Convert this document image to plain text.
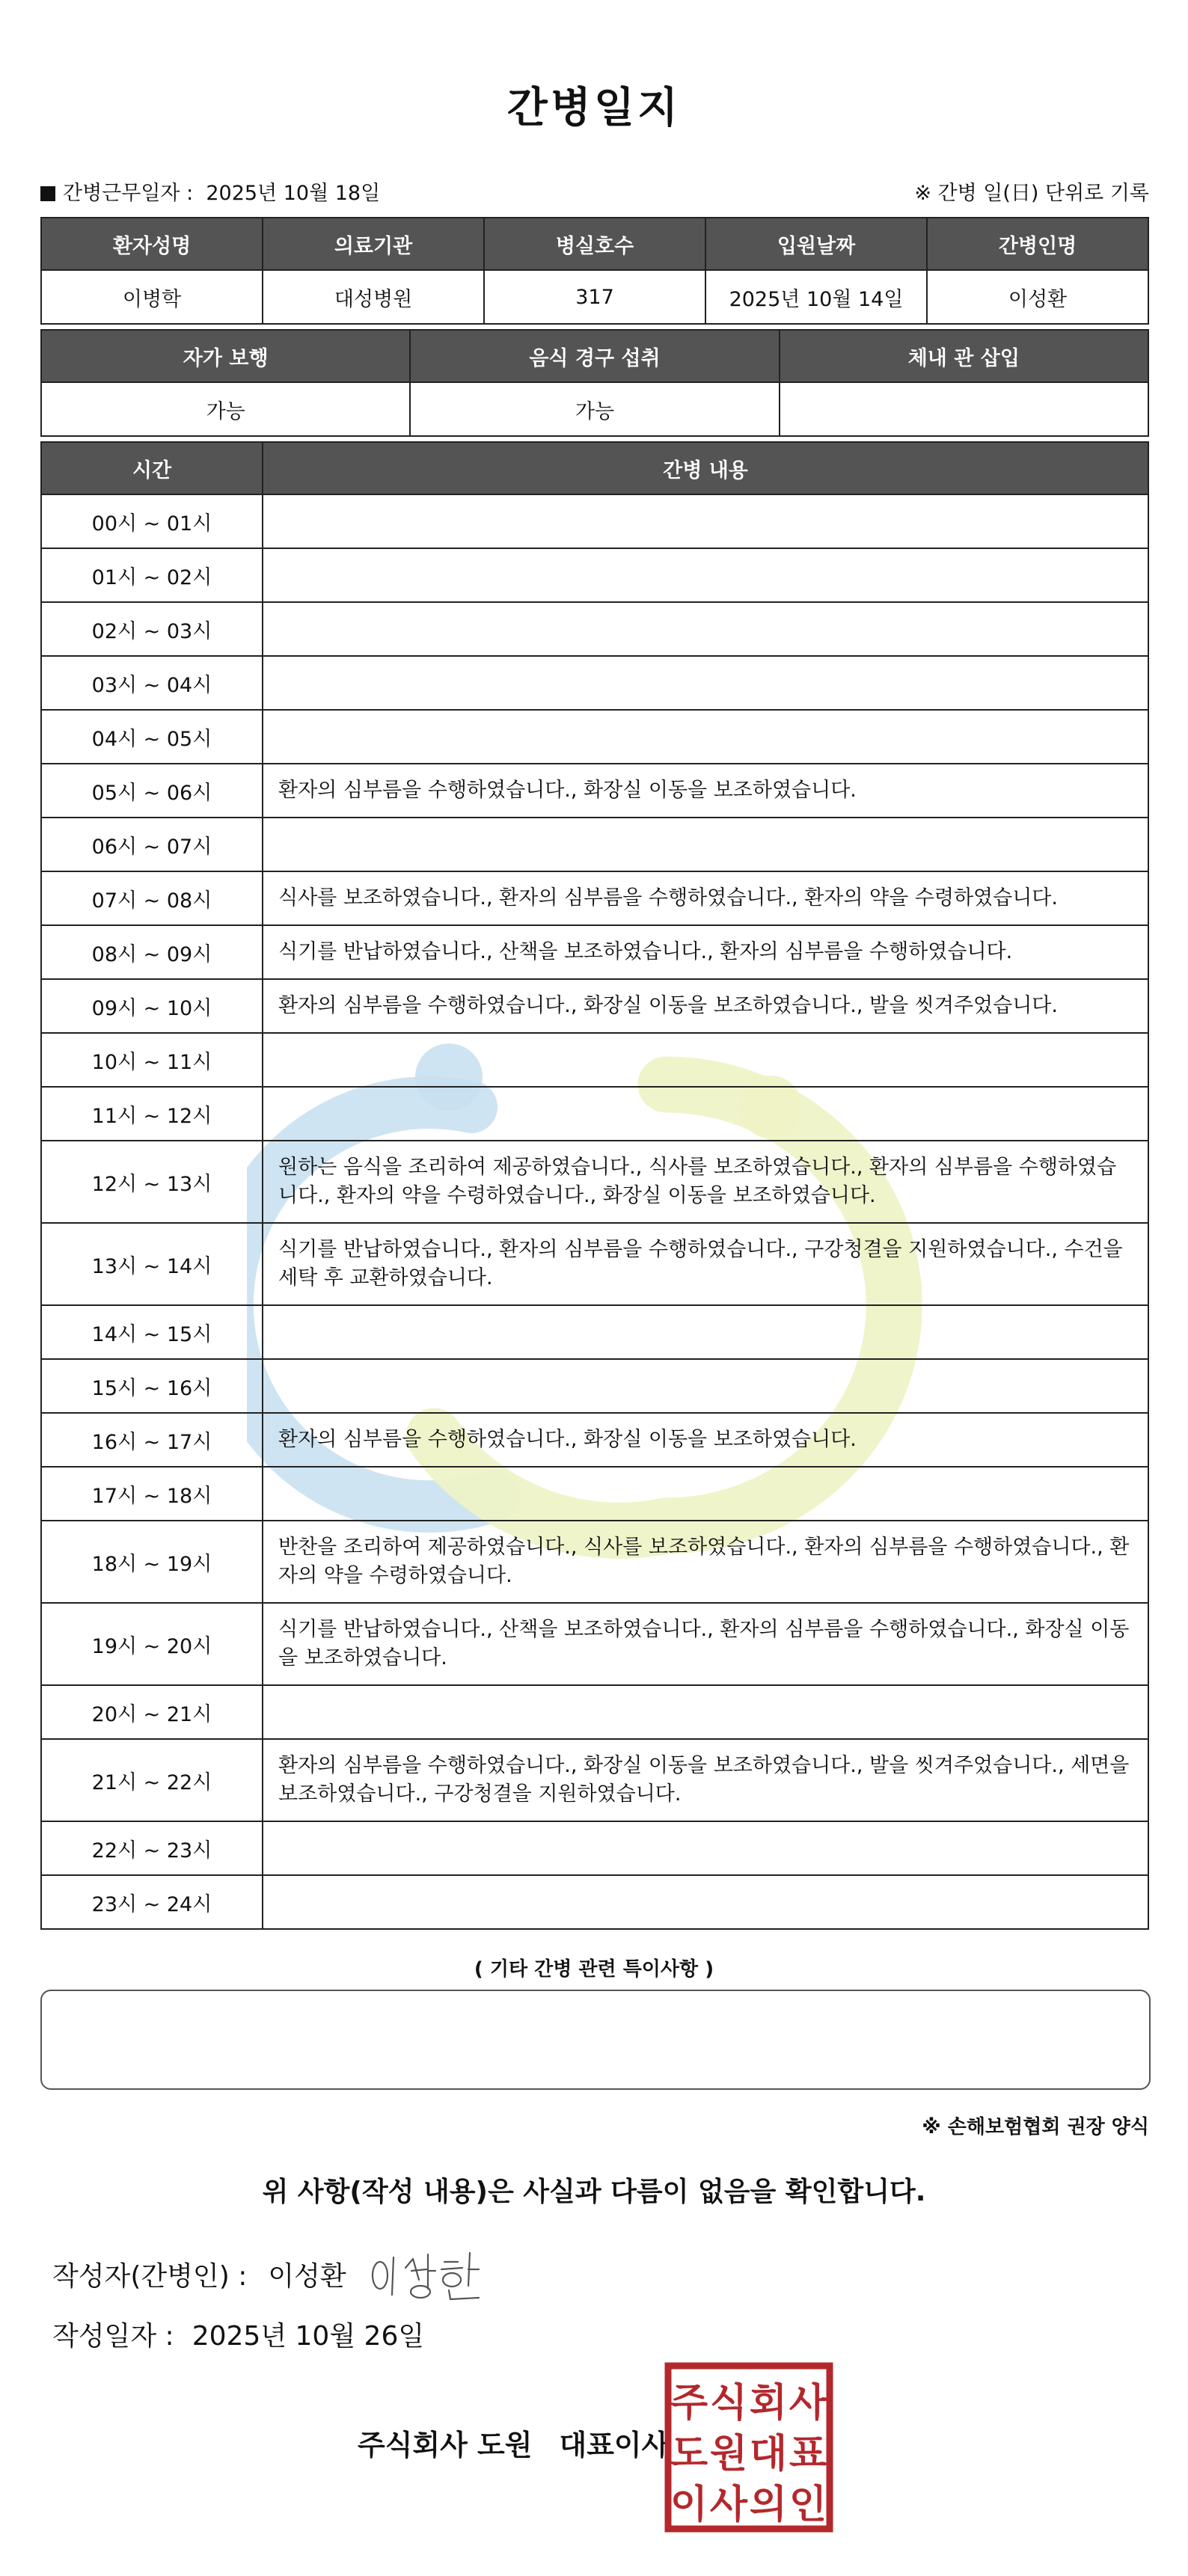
간병일지
간병근무일자 : 2025년 10월 18일	※ 간병 일(日) 단위로 기록
환자성명	의료기관	병실호수	입원날짜	간병인명
이병학	대성병원	317	2025년 10월 14일	이성환
자가 보행	음식 경구 섭취	체내 관 삽입
가능	가능	
시간	간병 내용
00시 ~ 01시	
01시 ~ 02시	
02시 ~ 03시	
03시 ~ 04시	
04시 ~ 05시	
05시 ~ 06시	환자의 심부름을 수행하였습니다., 화장실 이동을 보조하였습니다.
06시 ~ 07시	
07시 ~ 08시	식사를 보조하였습니다., 환자의 심부름을 수행하였습니다., 환자의 약을 수령하였습니다.
08시 ~ 09시	식기를 반납하였습니다., 산책을 보조하였습니다., 환자의 심부름을 수행하였습니다.
09시 ~ 10시	환자의 심부름을 수행하였습니다., 화장실 이동을 보조하였습니다., 발을 씻겨주었습니다.
10시 ~ 11시	
11시 ~ 12시	
12시 ~ 13시	원하는 음식을 조리하여 제공하였습니다., 식사를 보조하였습니다., 환자의 심부름을 수행하였습니다., 환자의 약을 수령하였습니다., 화장실 이동을 보조하였습니다.
13시 ~ 14시	식기를 반납하였습니다., 환자의 심부름을 수행하였습니다., 구강청결을 지원하였습니다., 수건을 세탁 후 교환하였습니다.
14시 ~ 15시	
15시 ~ 16시	
16시 ~ 17시	환자의 심부름을 수행하였습니다., 화장실 이동을 보조하였습니다.
17시 ~ 18시	
18시 ~ 19시	반찬을 조리하여 제공하였습니다., 식사를 보조하였습니다., 환자의 심부름을 수행하였습니다., 환자의 약을 수령하였습니다.
19시 ~ 20시	식기를 반납하였습니다., 산책을 보조하였습니다., 환자의 심부름을 수행하였습니다., 화장실 이동을 보조하였습니다.
20시 ~ 21시	
21시 ~ 22시	환자의 심부름을 수행하였습니다., 화장실 이동을 보조하였습니다., 발을 씻겨주었습니다., 세면을 보조하였습니다., 구강청결을 지원하였습니다.
22시 ~ 23시	
23시 ~ 24시	
( 기타 간병 관련 특이사항 )
※ 손해보험협회 권장 양식
위 사항(작성 내용)은 사실과 다름이 없음을 확인합니다.
작성자(간병인) : 이성환
작성일자 : 2025년 10월 26일
주식회사 도원 대표이사
주 식 회 사
도 원 대 표
이 사 의 인
